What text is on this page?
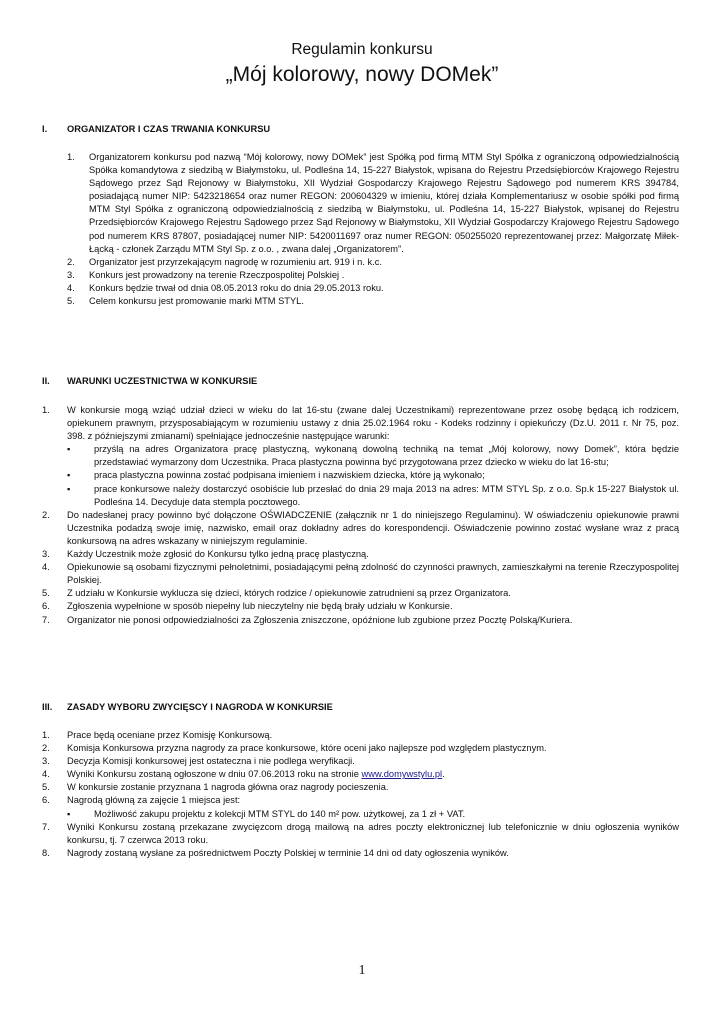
Regulamin konkursu
„Mój kolorowy, nowy DOMek”
I. ORGANIZATOR I CZAS TRWANIA KONKURSU
1. Organizatorem konkursu pod nazwą “Mój kolorowy, nowy DOMek” jest Spółką pod firmą MTM Styl Spółka z ograniczoną odpowiedzialnością Spółka komandytowa z siedzibą w Białymstoku, ul. Podleśna 14, 15-227 Białystok, wpisana do Rejestru Przedsiębiorców Krajowego Rejestru Sądowego przez Sąd Rejonowy w Białymstoku, XII Wydział Gospodarczy Krajowego Rejestru Sądowego pod numerem KRS 394784, posiadającą numer NIP: 5423218654 oraz numer REGON: 200604329 w imieniu, której działa Komplementariusz w osobie spółki pod firmą MTM Styl Spółka z ograniczoną odpowiedzialnością z siedzibą w Białymstoku, ul. Podleśna 14, 15-227 Białystok, wpisanej do Rejestru Przedsiębiorców Krajowego Rejestru Sądowego przez Sąd Rejonowy w Białymstoku, XII Wydział Gospodarczy Krajowego Rejestru Sądowego pod numerem KRS 87807, posiadającej numer NIP: 5420011697 oraz numer REGON: 050255020 reprezentowanej przez: Małgorzatę Miłek-Łącką - członek Zarządu MTM Styl Sp. z o.o. , zwana dalej „Organizatorem”.
2. Organizator jest przyrzekającym nagrodę w rozumieniu art. 919 i n. k.c.
3. Konkurs jest prowadzony na terenie Rzeczpospolitej Polskiej .
4. Konkurs będzie trwał od dnia 08.05.2013 roku do dnia 29.05.2013 roku.
5. Celem konkursu jest promowanie marki MTM STYL.
II. WARUNKI UCZESTNICTWA W KONKURSIE
1. W konkursie mogą wziąć udział dzieci w wieku do lat 16-stu (zwane dalej Uczestnikami) reprezentowane przez osobę będącą ich rodzicem, opiekunem prawnym, przysposabiającym w rozumieniu ustawy z dnia 25.02.1964 roku - Kodeks rodzinny i opiekuńczy (Dz.U. 2011 r. Nr 75, poz. 398. z późniejszymi zmianami) spełniające jednocześnie następujące warunki:
▪	przyślą na adres Organizatora pracę plastyczną, wykonaną dowolną techniką na temat „Mój kolorowy, nowy Domek”, która będzie przedstawiać wymarzony dom Uczestnika. Praca plastyczna powinna być przygotowana przez dziecko w wieku do lat 16-stu;
▪	praca plastyczna powinna zostać podpisana imieniem i nazwiskiem dziecka, które ją wykonało;
▪	prace konkursowe należy dostarczyć osobiście lub przesłać do dnia 29 maja 2013 na adres: MTM STYL Sp. z o.o. Sp.k 15-227 Białystok ul. Podleśna 14. Decyduje data stempla pocztowego.
2. Do nadesłanej pracy powinno być dołączone OŚWIADCZENIE (załącznik nr 1 do niniejszego Regulaminu). W oświadczeniu opiekunowie prawni Uczestnika podadzą swoje imię, nazwisko, email oraz dokładny adres do korespondencji. Oświadczenie powinno zostać wysłane wraz z pracą konkursową na adres wskazany w niniejszym regulaminie.
3. Każdy Uczestnik może zgłosić do Konkursu tylko jedną pracę plastyczną.
4. Opiekunowie są osobami fizycznymi pełnoletnimi, posiadającymi pełną zdolność do czynności prawnych, zamieszkałymi na terenie Rzeczypospolitej Polskiej.
5. Z udziału w Konkursie wyklucza się dzieci, których rodzice / opiekunowie zatrudnieni są przez Organizatora.
6. Zgłoszenia wypełnione w sposób niepełny lub nieczytelny nie będą brały udziału w Konkursie.
7. Organizator nie ponosi odpowiedzialności za Zgłoszenia zniszczone, opóźnione lub zgubione przez Pocztę Polską/Kuriera.
III. ZASADY WYBORU ZWYCIĘSCY I NAGRODA W KONKURSIE
1. Prace będą oceniane przez Komisję Konkursową.
2. Komisja Konkursowa przyzna nagrody za prace konkursowe, które oceni jako najlepsze pod względem plastycznym.
3. Decyzja Komisji konkursowej jest ostateczna i nie podlega weryfikacji.
4. Wyniki Konkursu zostaną ogłoszone w dniu 07.06.2013 roku na stronie www.domywstylu.pl.
5. W konkursie zostanie przyznana 1 nagroda główna oraz nagrody pocieszenia.
6. Nagrodą główną za zajęcie 1 miejsca jest:
▪	Możliwość zakupu projektu z kolekcji MTM STYL do 140 m² pow. użytkowej, za 1 zł + VAT.
7. Wyniki Konkursu zostaną przekazane zwycięzcom drogą mailową na adres poczty elektronicznej lub telefonicznie w dniu ogłoszenia wyników konkursu, tj. 7 czerwca 2013 roku.
8. Nagrody zostaną wysłane za pośrednictwem Poczty Polskiej w terminie 14 dni od daty ogłoszenia wyników.
1
